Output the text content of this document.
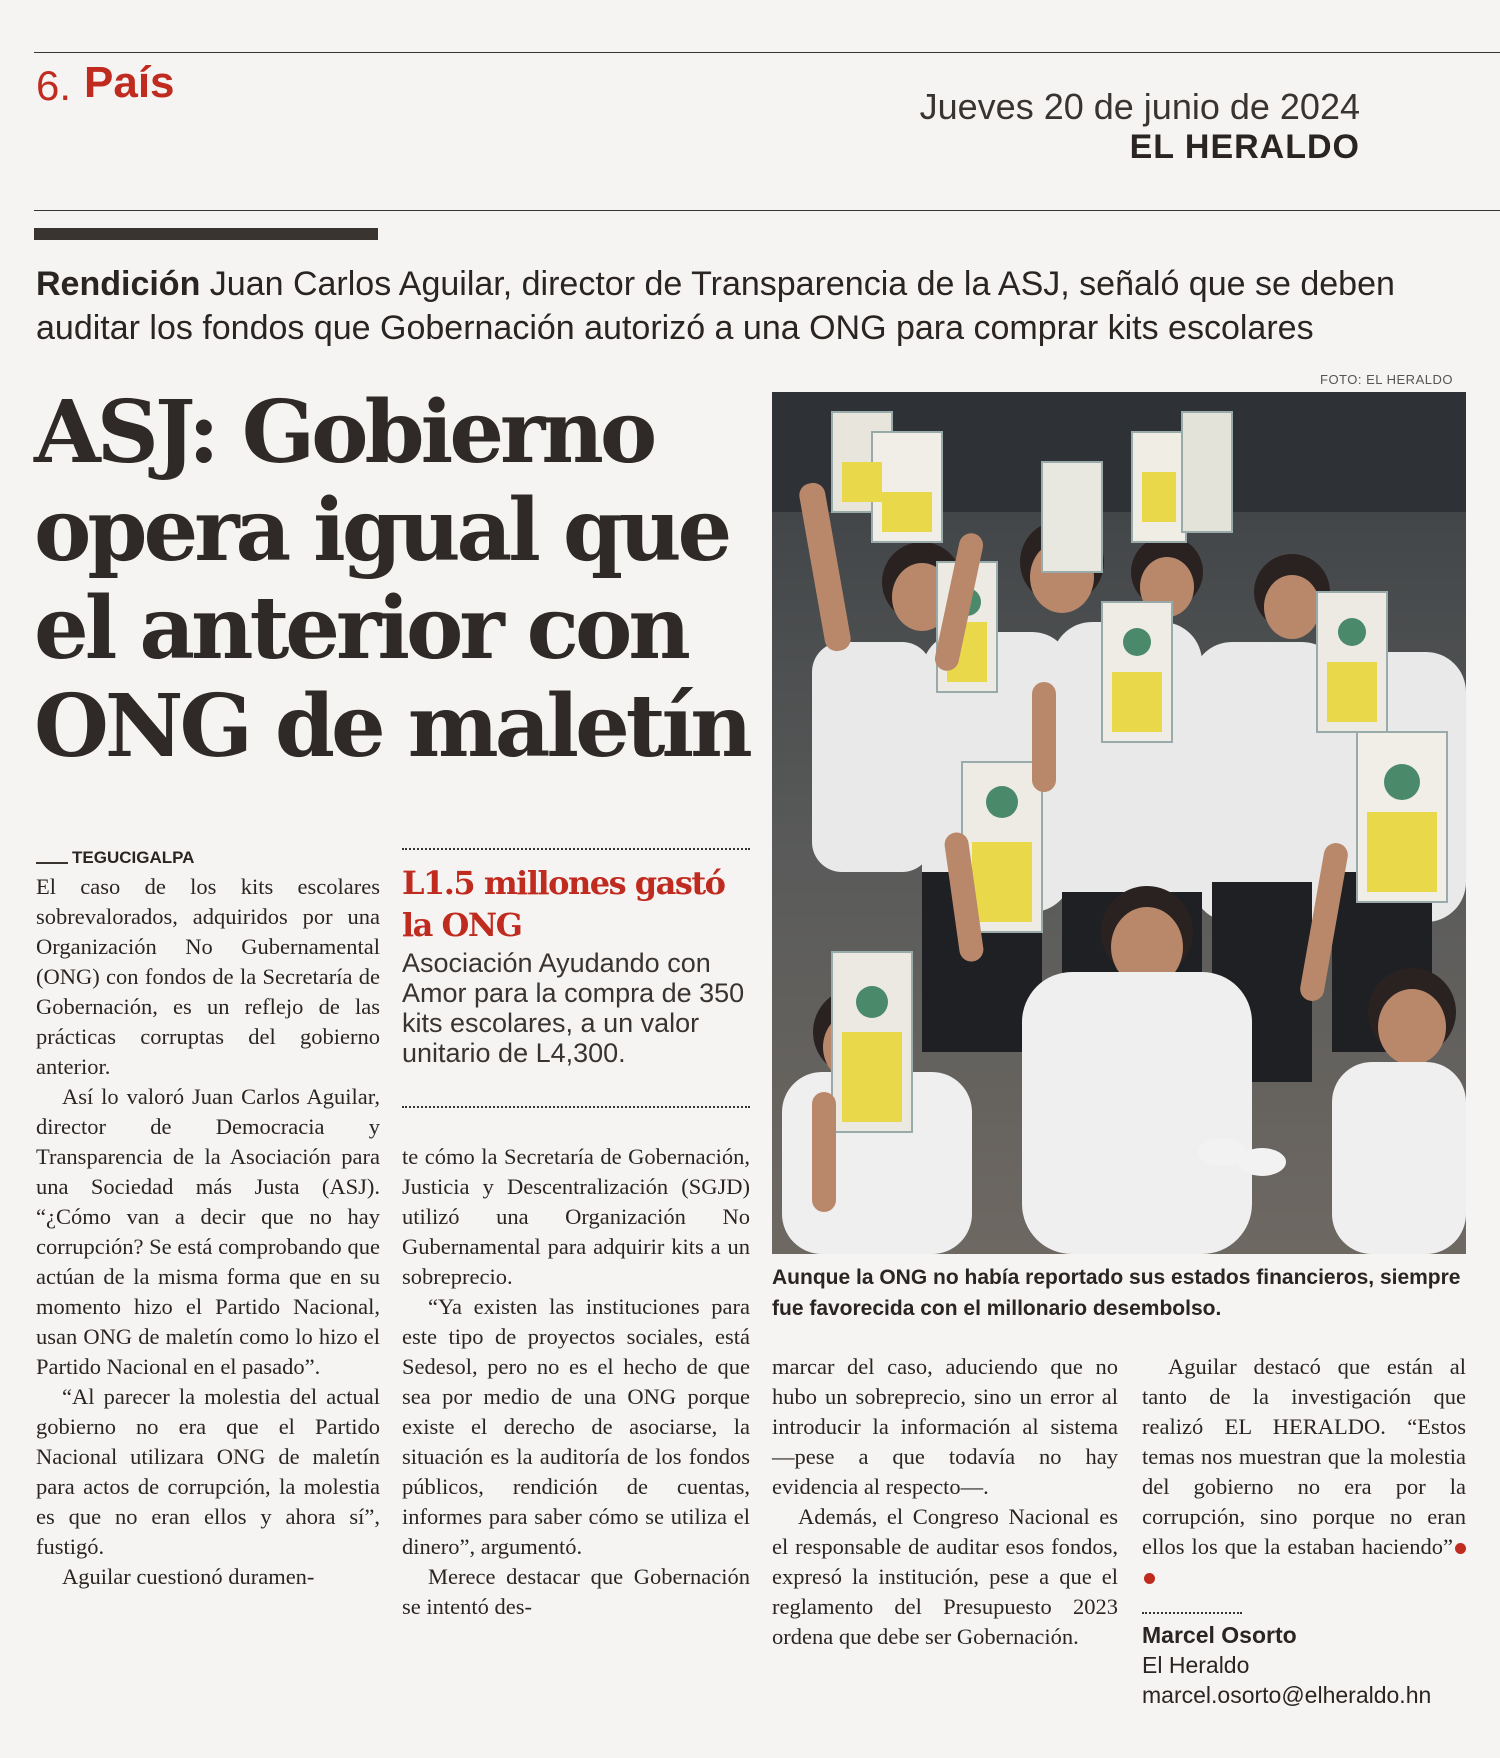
6. País	Jueves 20 de junio de 2024
EL HERALDO
Rendición Juan Carlos Aguilar, director de Transparencia de la ASJ, señaló que se deben auditar los fondos que Gobernación autorizó a una ONG para comprar kits escolares
ASJ: Gobierno
opera igual que
el anterior con
ONG de maletín
FOTO: EL HERALDO
Aunque la ONG no había reportado sus estados financieros, siempre fue favorecida con el millonario desembolso.
TEGUCIGALPA

El caso de los kits escolares sobrevalorados, adquiridos por una Organización No Gubernamental (ONG) con fondos de la Secretaría de Gobernación, es un reflejo de las prácticas corruptas del gobierno anterior.

Así lo valoró Juan Carlos Aguilar, director de Democracia y Transparencia de la Asociación para una Sociedad más Justa (ASJ). “¿Cómo van a decir que no hay corrupción? Se está comprobando que actúan de la misma forma que en su momento hizo el Partido Nacional, usan ONG de maletín como lo hizo el Partido Nacional en el pasado”.

“Al parecer la molestia del actual gobierno no era que el Partido Nacional utilizara ONG de maletín para actos de corrupción, la molestia es que no eran ellos y ahora sí”, fustigó.

Aguilar cuestionó duramen-

L1.5 millones gastó la ONG
Asociación Ayudando con Amor para la compra de 350 kits escolares, a un valor unitario de L4,300.

te cómo la Secretaría de Gobernación, Justicia y Descentralización (SGJD) utilizó una Organización No Gubernamental para adquirir kits a un sobreprecio.

“Ya existen las instituciones para este tipo de proyectos sociales, está Sedesol, pero no es el hecho de que sea por medio de una ONG porque existe el derecho de asociarse, la situación es la auditoría de los fondos públicos, rendición de cuentas, informes para saber cómo se utiliza el dinero”, argumentó.

Merece destacar que Gobernación se intentó des-

marcar del caso, aduciendo que no hubo un sobreprecio, sino un error al introducir la información al sistema —pese a que todavía no hay evidencia al respecto—.

Además, el Congreso Nacional es el responsable de auditar esos fondos, expresó la institución, pese a que el reglamento del Presupuesto 2023 ordena que debe ser Gobernación.

Aguilar destacó que están al tanto de la investigación que realizó EL HERALDO. “Estos temas nos muestran que la molestia del gobierno no era por la corrupción, sino porque no eran ellos los que la estaban haciendo”

Marcel Osorto
El Heraldo
marcel.osorto@elheraldo.hn
